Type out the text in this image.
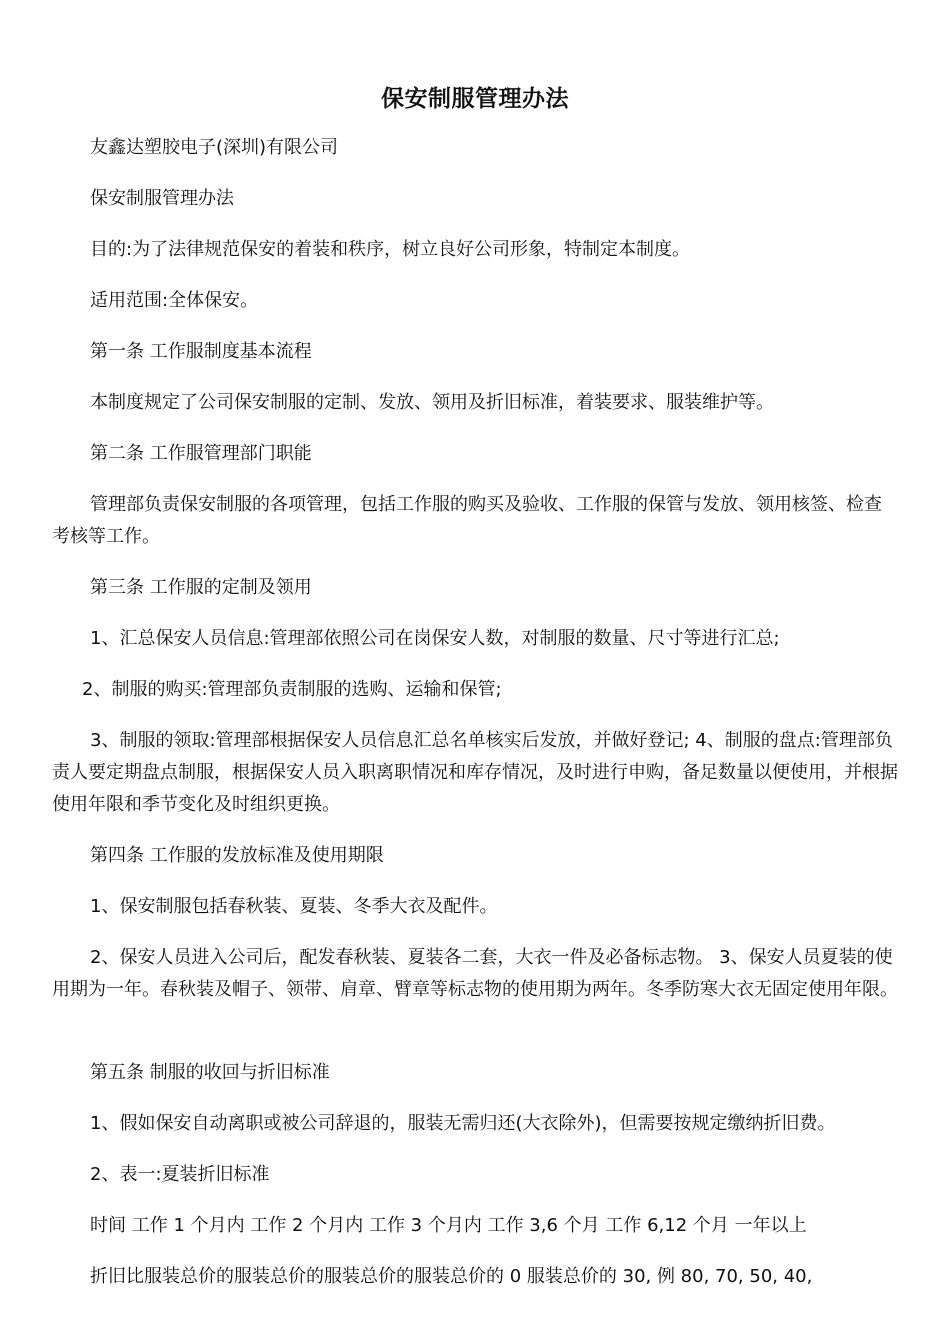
保安制服管理办法

友鑫达塑胶电子(深圳)有限公司

保安制服管理办法

目的:为了法律规范保安的着装和秩序，树立良好公司形象，特制定本制度。

适用范围:全体保安。

第一条 工作服制度基本流程

本制度规定了公司保安制服的定制、发放、领用及折旧标准，着装要求、服装维护等。

第二条 工作服管理部门职能

管理部负责保安制服的各项管理，包括工作服的购买及验收、工作服的保管与发放、领用核签、检查考核等工作。

第三条 工作服的定制及领用

1、汇总保安人员信息:管理部依照公司在岗保安人数，对制服的数量、尺寸等进行汇总;

2、制服的购买:管理部负责制服的选购、运输和保管;

3、制服的领取:管理部根据保安人员信息汇总名单核实后发放，并做好登记; 4、制服的盘点:管理部负责人要定期盘点制服，根据保安人员入职离职情况和库存情况，及时进行申购，备足数量以便使用，并根据使用年限和季节变化及时组织更换。

第四条 工作服的发放标准及使用期限

1、保安制服包括春秋装、夏装、冬季大衣及配件。

2、保安人员进入公司后，配发春秋装、夏装各二套，大衣一件及必备标志物。 3、保安人员夏装的使用期为一年。春秋装及帽子、领带、肩章、臂章等标志物的使用期为两年。冬季防寒大衣无固定使用年限。

第五条 制服的收回与折旧标准

1、假如保安自动离职或被公司辞退的，服装无需归还(大衣除外)，但需要按规定缴纳折旧费。

2、表一:夏装折旧标准

时间 工作 1 个月内 工作 2 个月内 工作 3 个月内 工作 3,6 个月 工作 6,12 个月 一年以上

折旧比服装总价的服装总价的服装总价的服装总价的 0 服装总价的 30, 例 80, 70, 50, 40,
